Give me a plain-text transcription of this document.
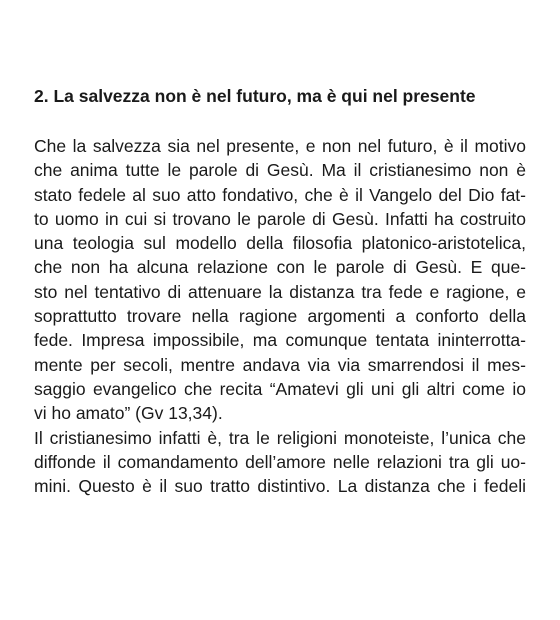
2. La salvezza non è nel futuro, ma è qui nel presente
Che la salvezza sia nel presente, e non nel futuro, è il motivo
che anima tutte le parole di Gesù. Ma il cristianesimo non è
stato fedele al suo atto fondativo, che è il Vangelo del Dio fat-
to uomo in cui si trovano le parole di Gesù. Infatti ha costruito
una teologia sul modello della filosofia platonico-aristotelica,
che non ha alcuna relazione con le parole di Gesù. E que-
sto nel tentativo di attenuare la distanza tra fede e ragione, e
soprattutto trovare nella ragione argomenti a conforto della
fede. Impresa impossibile, ma comunque tentata ininterrotta-
mente per secoli, mentre andava via via smarrendosi il mes-
saggio evangelico che recita “Amatevi gli uni gli altri come io
vi ho amato” (Gv 13,34).
Il cristianesimo infatti è, tra le religioni monoteiste, l’unica che
diffonde il comandamento dell’amore nelle relazioni tra gli uo-
mini. Questo è il suo tratto distintivo. La distanza che i fedeli
